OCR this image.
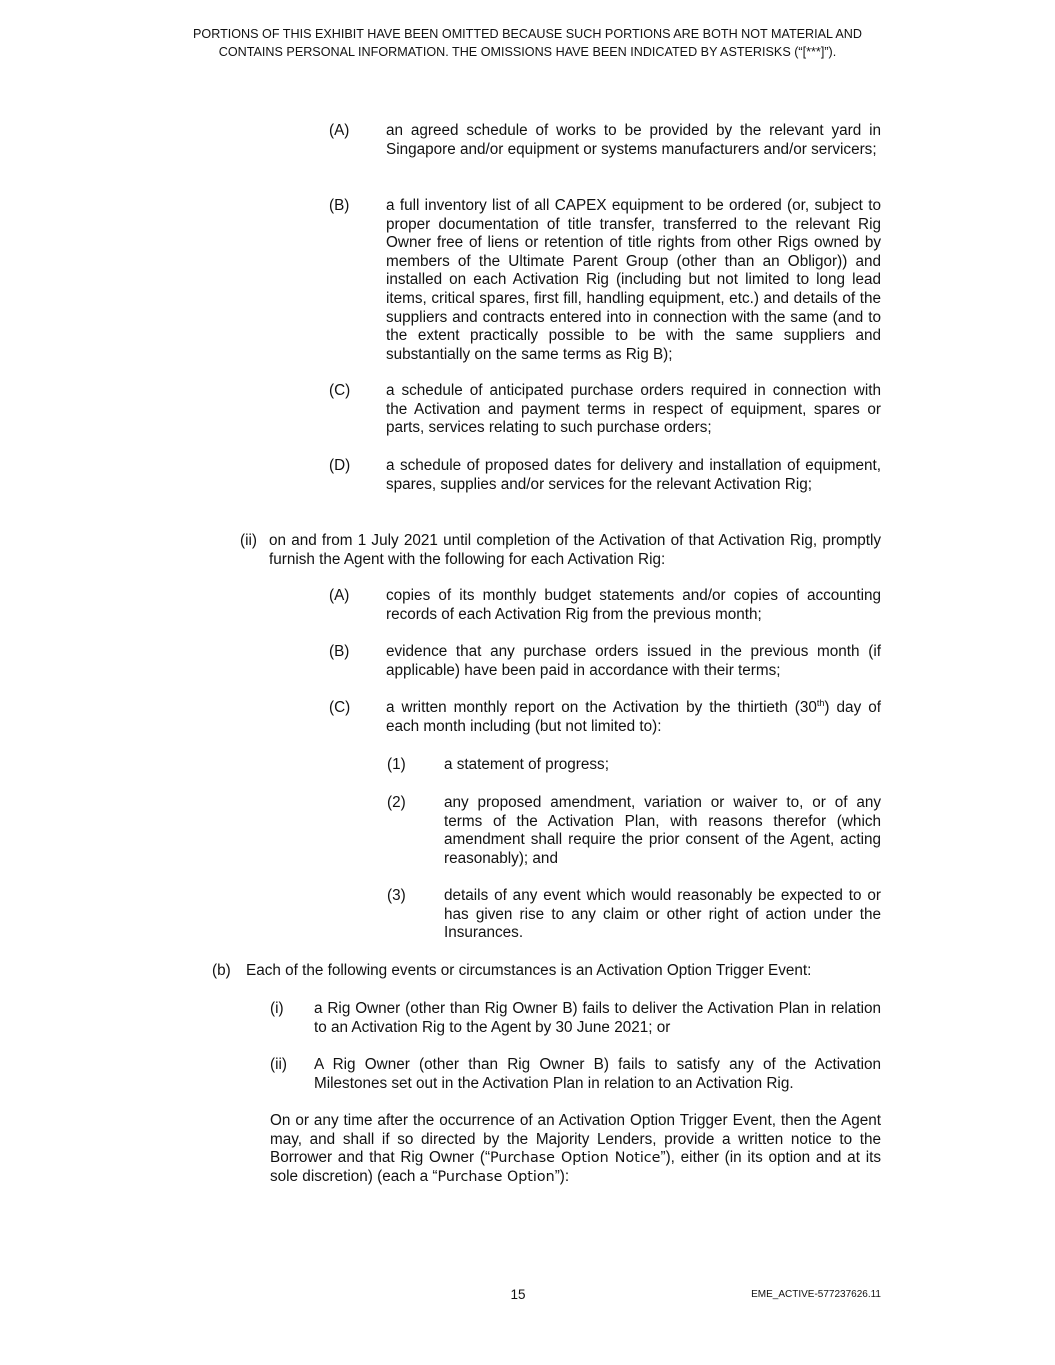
PORTIONS OF THIS EXHIBIT HAVE BEEN OMITTED BECAUSE SUCH PORTIONS ARE BOTH NOT MATERIAL AND
CONTAINS PERSONAL INFORMATION. THE OMISSIONS HAVE BEEN INDICATED BY ASTERISKS (“[***]”).
(A) an agreed schedule of works to be provided by the relevant yard in Singapore and/or equipment or systems manufacturers and/or servicers;
(B) a full inventory list of all CAPEX equipment to be ordered (or, subject to proper documentation of title transfer, transferred to the relevant Rig Owner free of liens or retention of title rights from other Rigs owned by members of the Ultimate Parent Group (other than an Obligor)) and installed on each Activation Rig (including but not limited to long lead items, critical spares, first fill, handling equipment, etc.) and details of the suppliers and contracts entered into in connection with the same (and to the extent practically possible to be with the same suppliers and substantially on the same terms as Rig B);
(C) a schedule of anticipated purchase orders required in connection with the Activation and payment terms in respect of equipment, spares or parts, services relating to such purchase orders;
(D) a schedule of proposed dates for delivery and installation of equipment, spares, supplies and/or services for the relevant Activation Rig;
(ii) on and from 1 July 2021 until completion of the Activation of that Activation Rig, promptly furnish the Agent with the following for each Activation Rig:
(A) copies of its monthly budget statements and/or copies of accounting records of each Activation Rig from the previous month;
(B) evidence that any purchase orders issued in the previous month (if applicable) have been paid in accordance with their terms;
(C) a written monthly report on the Activation by the thirtieth (30th) day of each month including (but not limited to):
(1)	a statement of progress;
(2)	any proposed amendment, variation or waiver to, or of any terms of the Activation Plan, with reasons therefor (which amendment shall require the prior consent of the Agent, acting reasonably); and
(3)	details of any event which would reasonably be expected to or has given rise to any claim or other right of action under the Insurances.
(b) Each of the following events or circumstances is an Activation Option Trigger Event:
(i) a Rig Owner (other than Rig Owner B) fails to deliver the Activation Plan in relation to an Activation Rig to the Agent by 30 June 2021; or
(ii) A Rig Owner (other than Rig Owner B) fails to satisfy any of the Activation Milestones set out in the Activation Plan in relation to an Activation Rig.
On or any time after the occurrence of an Activation Option Trigger Event, then the Agent may, and shall if so directed by the Majority Lenders, provide a written notice to the Borrower and that Rig Owner (“Purchase Option Notice”), either (in its option and at its sole discretion) (each a “Purchase Option”):
15	EME_ACTIVE-577237626.11
